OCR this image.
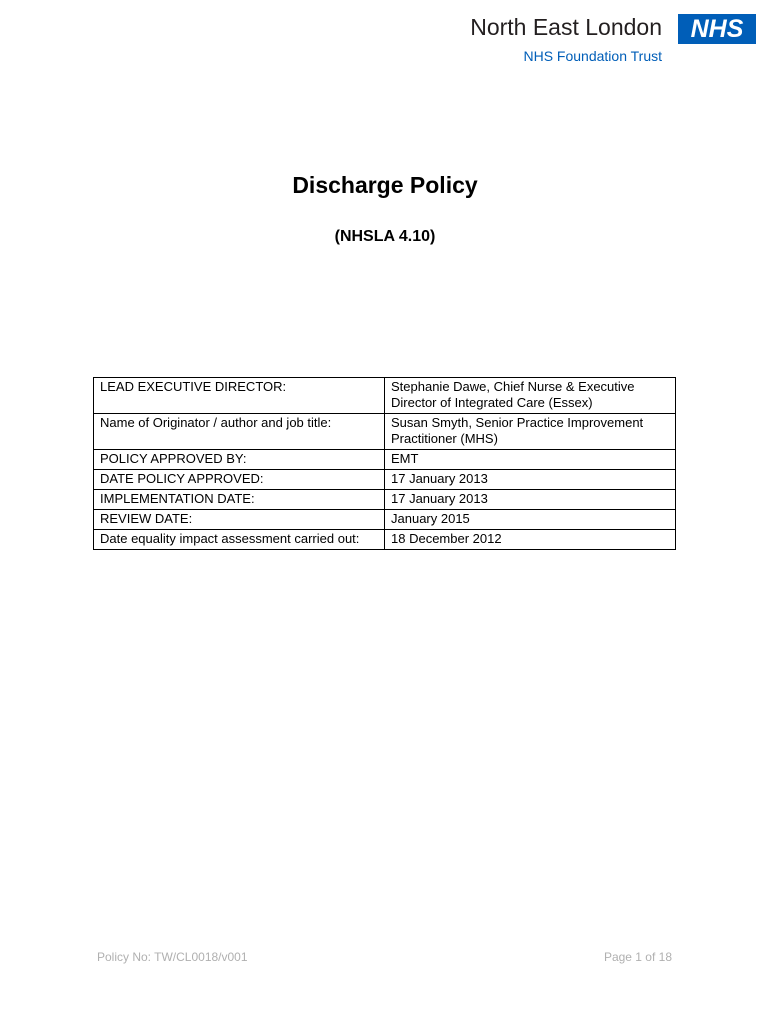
North East London
NHS Foundation Trust
NHS
Discharge Policy
(NHSLA 4.10)
LEAD EXECUTIVE DIRECTOR:	Stephanie Dawe, Chief Nurse & Executive Director of Integrated Care (Essex)
Name of Originator / author and job title:	Susan Smyth, Senior Practice Improvement Practitioner (MHS)
POLICY APPROVED BY:	EMT
DATE POLICY APPROVED:	17 January 2013
IMPLEMENTATION DATE:	17 January 2013
REVIEW DATE:	January 2015
Date equality impact assessment carried out:	18 December 2012
Policy No: TW/CL0018/v001	Page 1 of 18
